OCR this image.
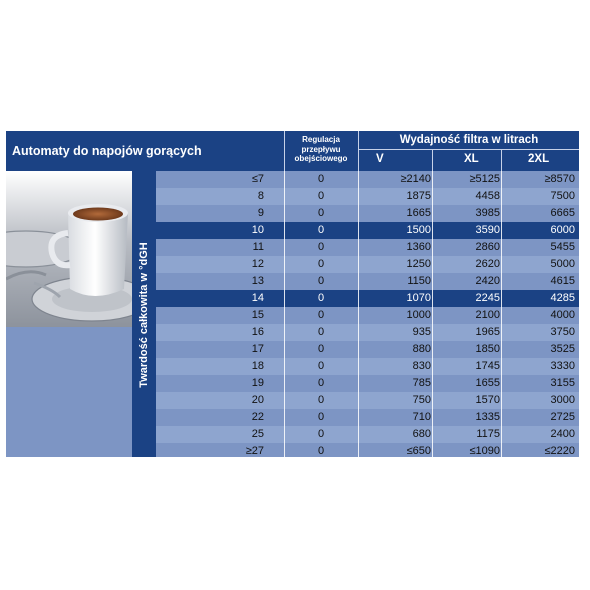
Automaty do napojów gorących
Regulacja
przepływu
obejściowego
Wydajność filtra w litrach
V	XL	2XL
Twardość całkowita w °dGH
≤7	0	≥2140	≥5125	≥8570
8	0	1875	4458	7500
9	0	1665	3985	6665
10	0	1500	3590	6000
11	0	1360	2860	5455
12	0	1250	2620	5000
13	0	1150	2420	4615
14	0	1070	2245	4285
15	0	1000	2100	4000
16	0	935	1965	3750
17	0	880	1850	3525
18	0	830	1745	3330
19	0	785	1655	3155
20	0	750	1570	3000
22	0	710	1335	2725
25	0	680	1175	2400
≥27	0	≤650	≤1090	≤2220
